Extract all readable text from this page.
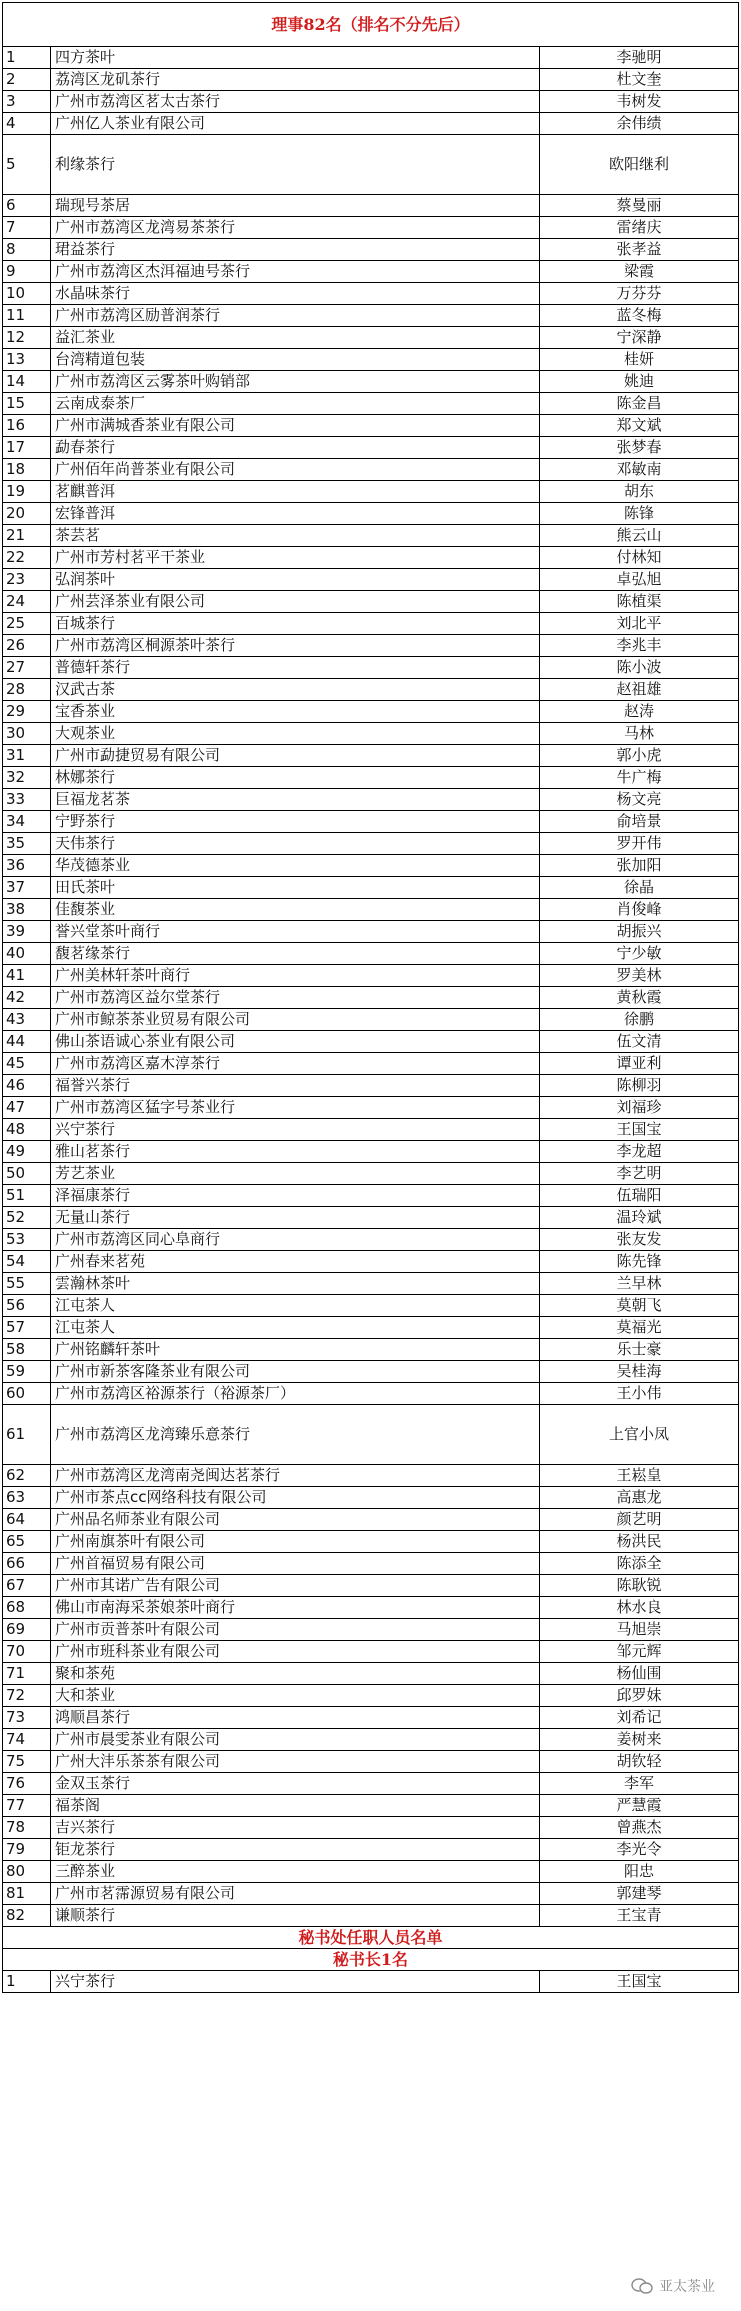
理事82名（排名不分先后）
1	四方茶叶	李驰明
2	荔湾区龙矶茶行	杜文奎
3	广州市荔湾区茗太古茶行	韦树发
4	广州亿人茶业有限公司	余伟绩
5	利缘茶行	欧阳继利
6	瑞现号茶居	蔡曼丽
7	广州市荔湾区龙湾易茶茶行	雷绪庆
8	珺益茶行	张孝益
9	广州市荔湾区杰洱福迪号茶行	梁霞
10	水晶味茶行	万芬芬
11	广州市荔湾区励普润茶行	蓝冬梅
12	益汇茶业	宁深静
13	台湾精道包装	桂妍
14	广州市荔湾区云雾茶叶购销部	姚迪
15	云南成泰茶厂	陈金昌
16	广州市满城香茶业有限公司	郑文斌
17	勐春茶行	张梦春
18	广州佰年尚普茶业有限公司	邓敏南
19	茗麒普洱	胡东
20	宏锋普洱	陈锋
21	茶芸茗	熊云山
22	广州市芳村茗平干茶业	付林知
23	弘润茶叶	卓弘旭
24	广州芸泽茶业有限公司	陈植渠
25	百城茶行	刘北平
26	广州市荔湾区桐源茶叶茶行	李兆丰
27	普德轩茶行	陈小波
28	汉武古茶	赵祖雄
29	宝香茶业	赵涛
30	大观茶业	马林
31	广州市勐捷贸易有限公司	郭小虎
32	林娜茶行	牛广梅
33	巨福龙茗茶	杨文亮
34	宁野茶行	俞培景
35	天伟茶行	罗开伟
36	华茂德茶业	张加阳
37	田氏茶叶	徐晶
38	佳馥茶业	肖俊峰
39	誉兴堂茶叶商行	胡振兴
40	馥茗缘茶行	宁少敏
41	广州美林轩茶叶商行	罗美林
42	广州市荔湾区益尔堂茶行	黄秋霞
43	广州市鲸茶茶业贸易有限公司	徐鹏
44	佛山茶语诚心茶业有限公司	伍文清
45	广州市荔湾区嘉木淳茶行	谭亚利
46	福誉兴茶行	陈柳羽
47	广州市荔湾区猛字号茶业行	刘福珍
48	兴宁茶行	王国宝
49	雅山茗茶行	李龙超
50	芳艺茶业	李艺明
51	泽福康茶行	伍瑞阳
52	无量山茶行	温玲斌
53	广州市荔湾区同心阜商行	张友发
54	广州春来茗苑	陈先锋
55	雲瀚林茶叶	兰早林
56	江屯茶人	莫朝飞
57	江屯茶人	莫福光
58	广州铭麟轩茶叶	乐士豪
59	广州市新茶客隆茶业有限公司	吴桂海
60	广州市荔湾区裕源茶行（裕源茶厂）	王小伟
61	广州市荔湾区龙湾臻乐意茶行	上官小凤
62	广州市荔湾区龙湾南尧闽达茗茶行	王崧皇
63	广州市茶点cc网络科技有限公司	高惠龙
64	广州品名师茶业有限公司	颜艺明
65	广州南旗茶叶有限公司	杨洪民
66	广州首福贸易有限公司	陈添全
67	广州市其诺广告有限公司	陈耿锐
68	佛山市南海采茶娘茶叶商行	林水良
69	广州市贡普茶叶有限公司	马旭崇
70	广州市班科茶业有限公司	邹元辉
71	聚和茶苑	杨仙围
72	大和茶业	邱罗妹
73	鸿顺昌茶行	刘希记
74	广州市晨雯茶业有限公司	姜树来
75	广州大沣乐茶茶有限公司	胡钦轻
76	金双玉茶行	李军
77	福茶阁	严慧霞
78	吉兴茶行	曾燕杰
79	钜龙茶行	李光令
80	三醉茶业	阳忠
81	广州市茗霈源贸易有限公司	郭建琴
82	谦顺茶行	王宝青
秘书处任职人员名单
秘书长1名
1	兴宁茶行	王国宝
亚太茶业
